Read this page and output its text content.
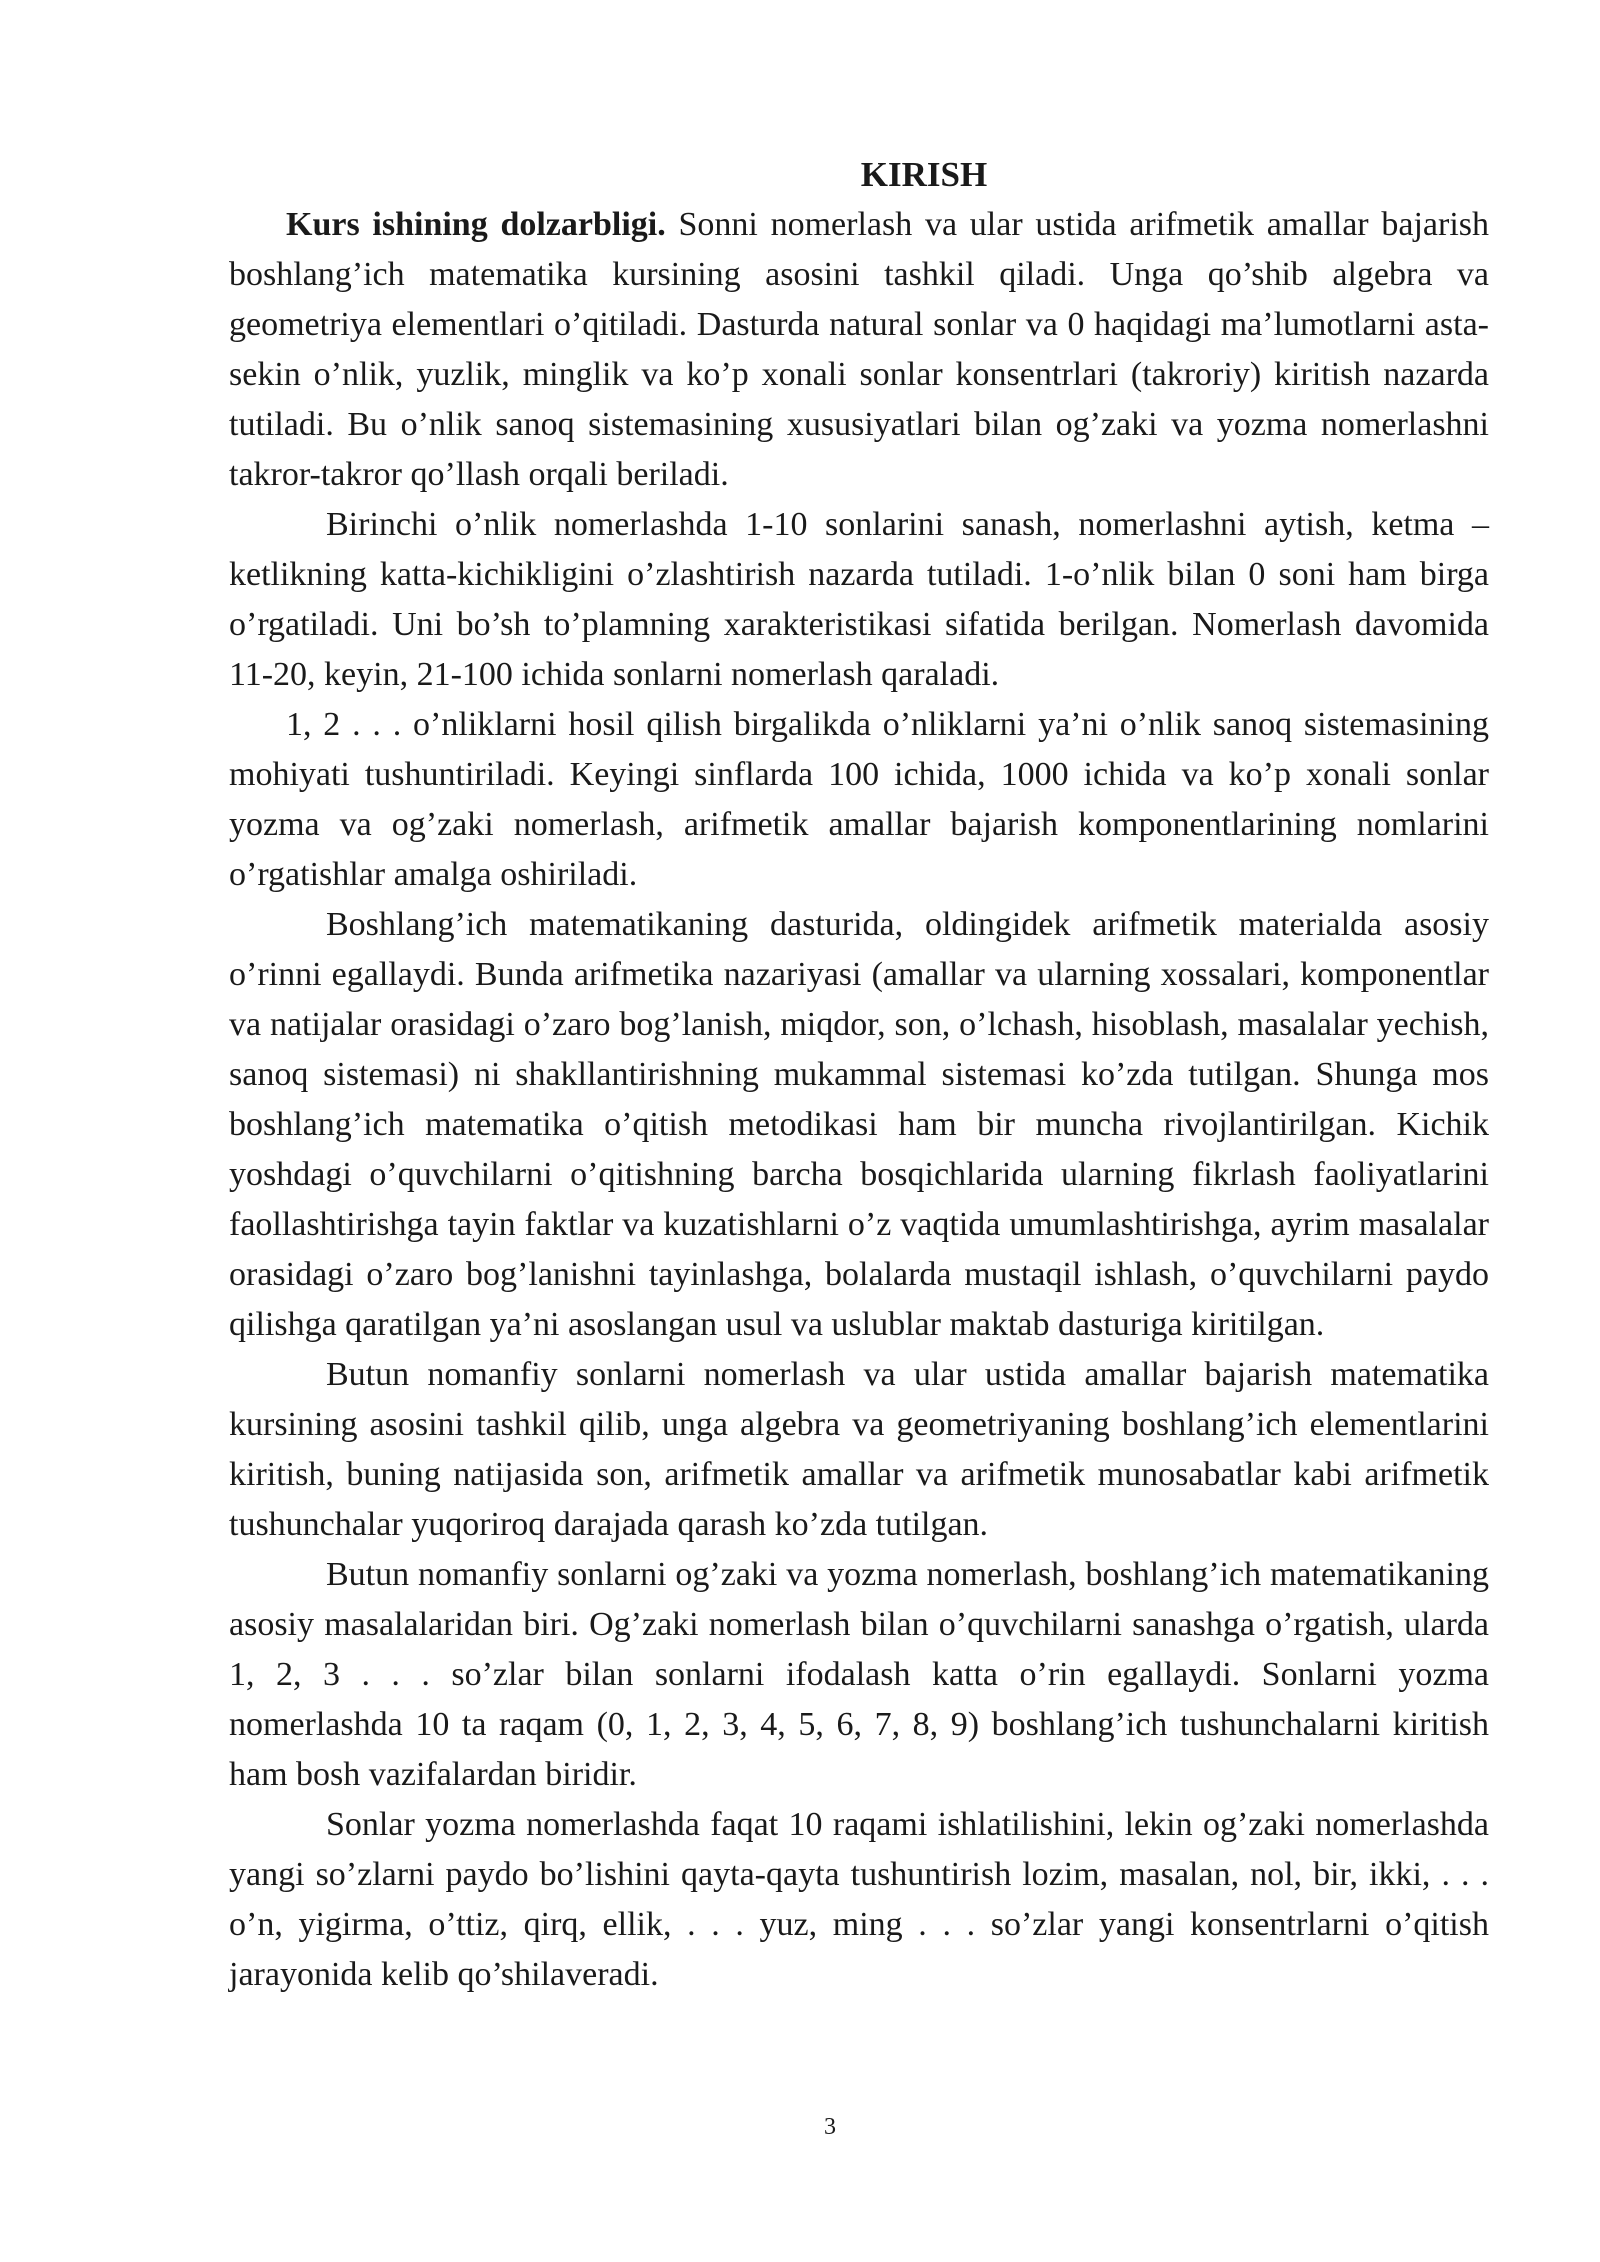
KIRISH

Kurs ishining dolzarbligi. Sonni nomerlash va ular ustida arifmetik amallar bajarish boshlang’ich matematika kursining asosini tashkil qiladi. Unga qo’shib algebra va geometriya elementlari o’qitiladi. Dasturda natural sonlar va 0 haqidagi ma’lumotlarni asta-sekin o’nlik, yuzlik, minglik va ko’p xonali sonlar konsentrlari (takroriy) kiritish nazarda tutiladi. Bu o’nlik sanoq sistemasining xususiyatlari bilan og’zaki va yozma nomerlashni takror-takror qo’llash orqali beriladi.

Birinchi o’nlik nomerlashda 1-10 sonlarini sanash, nomerlashni aytish, ketma – ketlikning katta-kichikligini o’zlashtirish nazarda tutiladi. 1-o’nlik bilan 0 soni ham birga o’rgatiladi. Uni bo’sh to’plamning xarakteristikasi sifatida berilgan. Nomerlash davomida 11-20, keyin, 21-100 ichida sonlarni nomerlash qaraladi.

1, 2 . . . o’nliklarni hosil qilish birgalikda o’nliklarni ya’ni o’nlik sanoq sistemasining mohiyati tushuntiriladi. Keyingi sinflarda 100 ichida, 1000 ichida va ko’p xonali sonlar yozma va og’zaki nomerlash, arifmetik amallar bajarish komponentlarining nomlarini o’rgatishlar amalga oshiriladi.

Boshlang’ich matematikaning dasturida, oldingidek arifmetik materialda asosiy o’rinni egallaydi. Bunda arifmetika nazariyasi (amallar va ularning xossalari, komponentlar va natijalar orasidagi o’zaro bog’lanish, miqdor, son, o’lchash, hisoblash, masalalar yechish, sanoq sistemasi) ni shakllantirishning mukammal sistemasi ko’zda tutilgan. Shunga mos boshlang’ich matematika o’qitish metodikasi ham bir muncha rivojlantirilgan. Kichik yoshdagi o’quvchilarni o’qitishning barcha bosqichlarida ularning fikrlash faoliyatlarini faollashtirishga tayin faktlar va kuzatishlarni o’z vaqtida umumlashtirishga, ayrim masalalar orasidagi o’zaro bog’lanishni tayinlashga, bolalarda mustaqil ishlash, o’quvchilarni paydo qilishga qaratilgan ya’ni asoslangan usul va uslublar maktab dasturiga kiritilgan.

Butun nomanfiy sonlarni nomerlash va ular ustida amallar bajarish matematika kursining asosini tashkil qilib, unga algebra va geometriyaning boshlang’ich elementlarini kiritish, buning natijasida son, arifmetik amallar va arifmetik munosabatlar kabi arifmetik tushunchalar yuqoriroq darajada qarash ko’zda tutilgan.

Butun nomanfiy sonlarni og’zaki va yozma nomerlash, boshlang’ich matematikaning asosiy masalalaridan biri. Og’zaki nomerlash bilan o’quvchilarni sanashga o’rgatish, ularda 1, 2, 3 . . . so’zlar bilan sonlarni ifodalash katta o’rin egallaydi. Sonlarni yozma nomerlashda 10 ta raqam (0, 1, 2, 3, 4, 5, 6, 7, 8, 9) boshlang’ich tushunchalarni kiritish ham bosh vazifalardan biridir.

Sonlar yozma nomerlashda faqat 10 raqami ishlatilishini, lekin og’zaki nomerlashda yangi so’zlarni paydo bo’lishini qayta-qayta tushuntirish lozim, masalan, nol, bir, ikki, . . . o’n, yigirma, o’ttiz, qirq, ellik, . . . yuz, ming . . . so’zlar yangi konsentrlarni o’qitish jarayonida kelib qo’shilaveradi.

3
